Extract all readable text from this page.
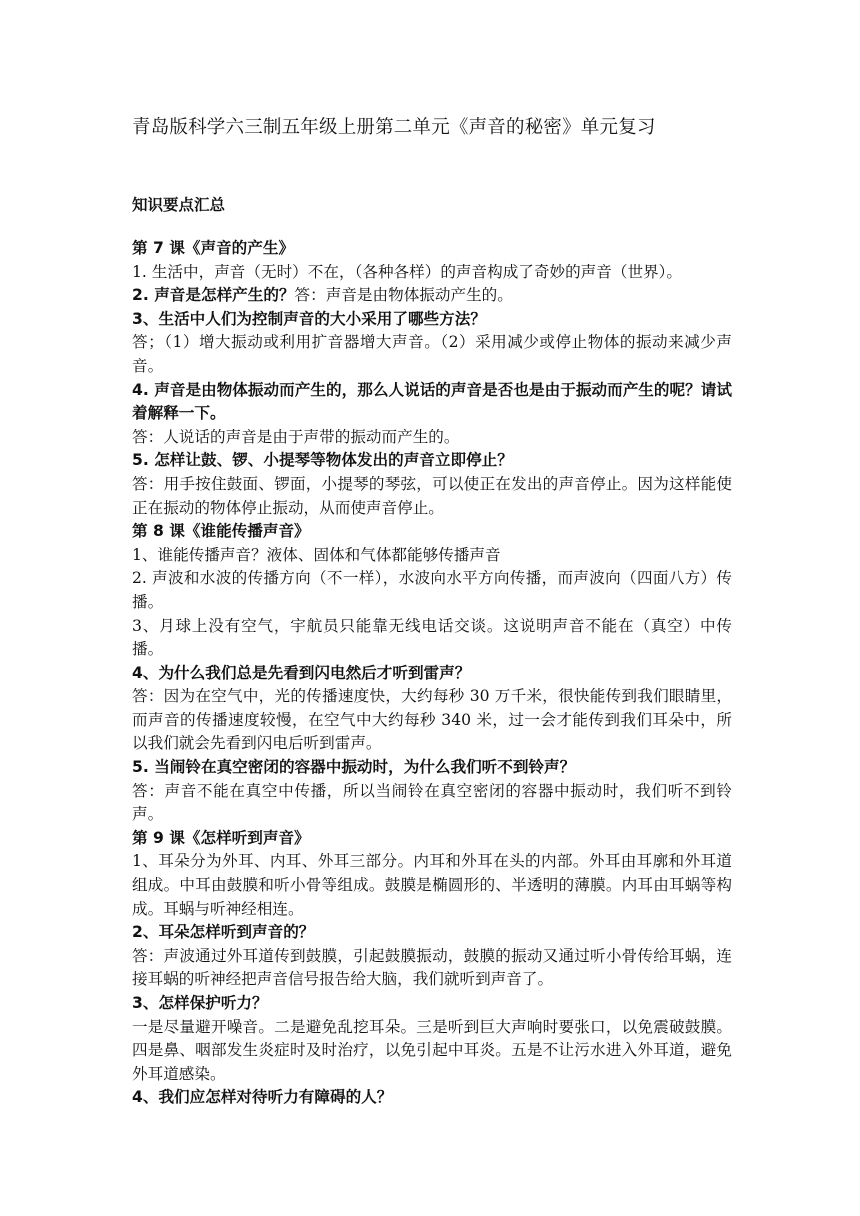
青岛版科学六三制五年级上册第二单元《声音的秘密》单元复习
知识要点汇总

第 7 课《声音的产生》

1. 生活中，声音（无时）不在，（各种各样）的声音构成了奇妙的声音（世界）。

2. 声音是怎样产生的？答：声音是由物体振动产生的。

3、生活中人们为控制声音的大小采用了哪些方法？

答；（1）增大振动或利用扩音器增大声音。（2）采用减少或停止物体的振动来减少声音。

4. 声音是由物体振动而产生的，那么人说话的声音是否也是由于振动而产生的呢？请试着解释一下。

答：人说话的声音是由于声带的振动而产生的。

5. 怎样让鼓、锣、小提琴等物体发出的声音立即停止？

答：用手按住鼓面、锣面，小提琴的琴弦，可以使正在发出的声音停止。因为这样能使正在振动的物体停止振动，从而使声音停止。

第 8 课《谁能传播声音》

1、谁能传播声音？液体、固体和气体都能够传播声音

2. 声波和水波的传播方向（不一样），水波向水平方向传播，而声波向（四面八方）传播。

3、月球上没有空气，宇航员只能靠无线电话交谈。这说明声音不能在（真空）中传播。

4、为什么我们总是先看到闪电然后才听到雷声？

答：因为在空气中，光的传播速度快，大约每秒 30 万千米，很快能传到我们眼睛里，而声音的传播速度较慢，在空气中大约每秒 340 米，过一会才能传到我们耳朵中，所以我们就会先看到闪电后听到雷声。

5. 当闹铃在真空密闭的容器中振动时，为什么我们听不到铃声？

答：声音不能在真空中传播，所以当闹铃在真空密闭的容器中振动时，我们听不到铃声。

第 9 课《怎样听到声音》

1、耳朵分为外耳、内耳、外耳三部分。内耳和外耳在头的内部。外耳由耳廓和外耳道组成。中耳由鼓膜和听小骨等组成。鼓膜是椭圆形的、半透明的薄膜。内耳由耳蜗等构成。耳蜗与听神经相连。

2、耳朵怎样听到声音的？

答：声波通过外耳道传到鼓膜，引起鼓膜振动，鼓膜的振动又通过听小骨传给耳蜗，连接耳蜗的听神经把声音信号报告给大脑，我们就听到声音了。

3、怎样保护听力？

一是尽量避开噪音。二是避免乱挖耳朵。三是听到巨大声响时要张口，以免震破鼓膜。四是鼻、咽部发生炎症时及时治疗，以免引起中耳炎。五是不让污水进入外耳道，避免外耳道感染。

4、我们应怎样对待听力有障碍的人？
